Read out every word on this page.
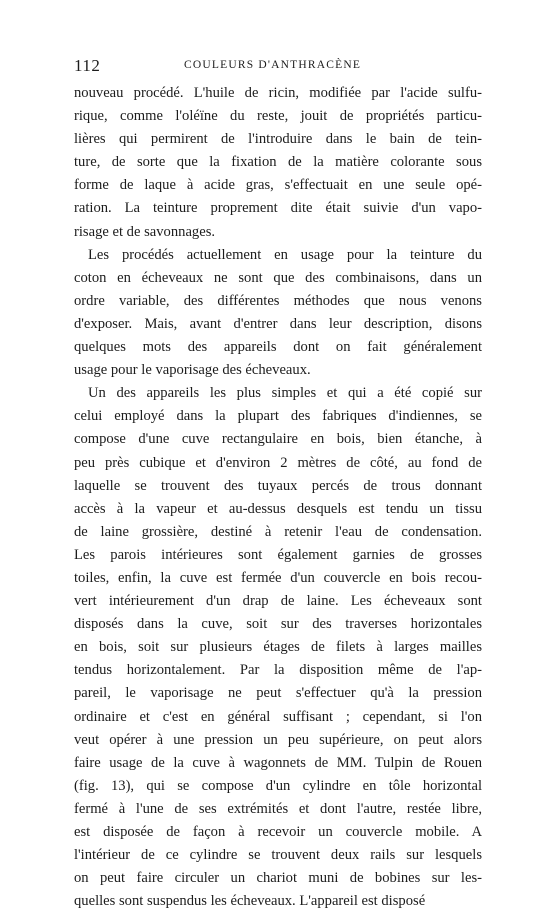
112	COULEURS D'ANTHRACÈNE
nouveau procédé. L'huile de ricin, modifiée par l'acide sulfu-
rique, comme l'oléïne du reste, jouit de propriétés particu-
lières qui permirent de l'introduire dans le bain de tein-
ture, de sorte que la fixation de la matière colorante sous
forme de laque à acide gras, s'effectuait en une seule opé-
ration. La teinture proprement dite était suivie d'un vapo-
risage et de savonnages.
Les procédés actuellement en usage pour la teinture du
coton en écheveaux ne sont que des combinaisons, dans un
ordre variable, des différentes méthodes que nous venons
d'exposer. Mais, avant d'entrer dans leur description, disons
quelques mots des appareils dont on fait généralement
usage pour le vaporisage des écheveaux.
Un des appareils les plus simples et qui a été copié sur
celui employé dans la plupart des fabriques d'indiennes, se
compose d'une cuve rectangulaire en bois, bien étanche, à
peu près cubique et d'environ 2 mètres de côté, au fond de
laquelle se trouvent des tuyaux percés de trous donnant
accès à la vapeur et au-dessus desquels est tendu un tissu
de laine grossière, destiné à retenir l'eau de condensation.
Les parois intérieures sont également garnies de grosses
toiles, enfin, la cuve est fermée d'un couvercle en bois recou-
vert intérieurement d'un drap de laine. Les écheveaux sont
disposés dans la cuve, soit sur des traverses horizontales
en bois, soit sur plusieurs étages de filets à larges mailles
tendus horizontalement. Par la disposition même de l'ap-
pareil, le vaporisage ne peut s'effectuer qu'à la pression
ordinaire et c'est en général suffisant ; cependant, si l'on
veut opérer à une pression un peu supérieure, on peut alors
faire usage de la cuve à wagonnets de MM. Tulpin de Rouen
(fig. 13), qui se compose d'un cylindre en tôle horizontal
fermé à l'une de ses extrémités et dont l'autre, restée libre,
est disposée de façon à recevoir un couvercle mobile. A
l'intérieur de ce cylindre se trouvent deux rails sur lesquels
on peut faire circuler un chariot muni de bobines sur les-
quelles sont suspendus les écheveaux. L'appareil est disposé
